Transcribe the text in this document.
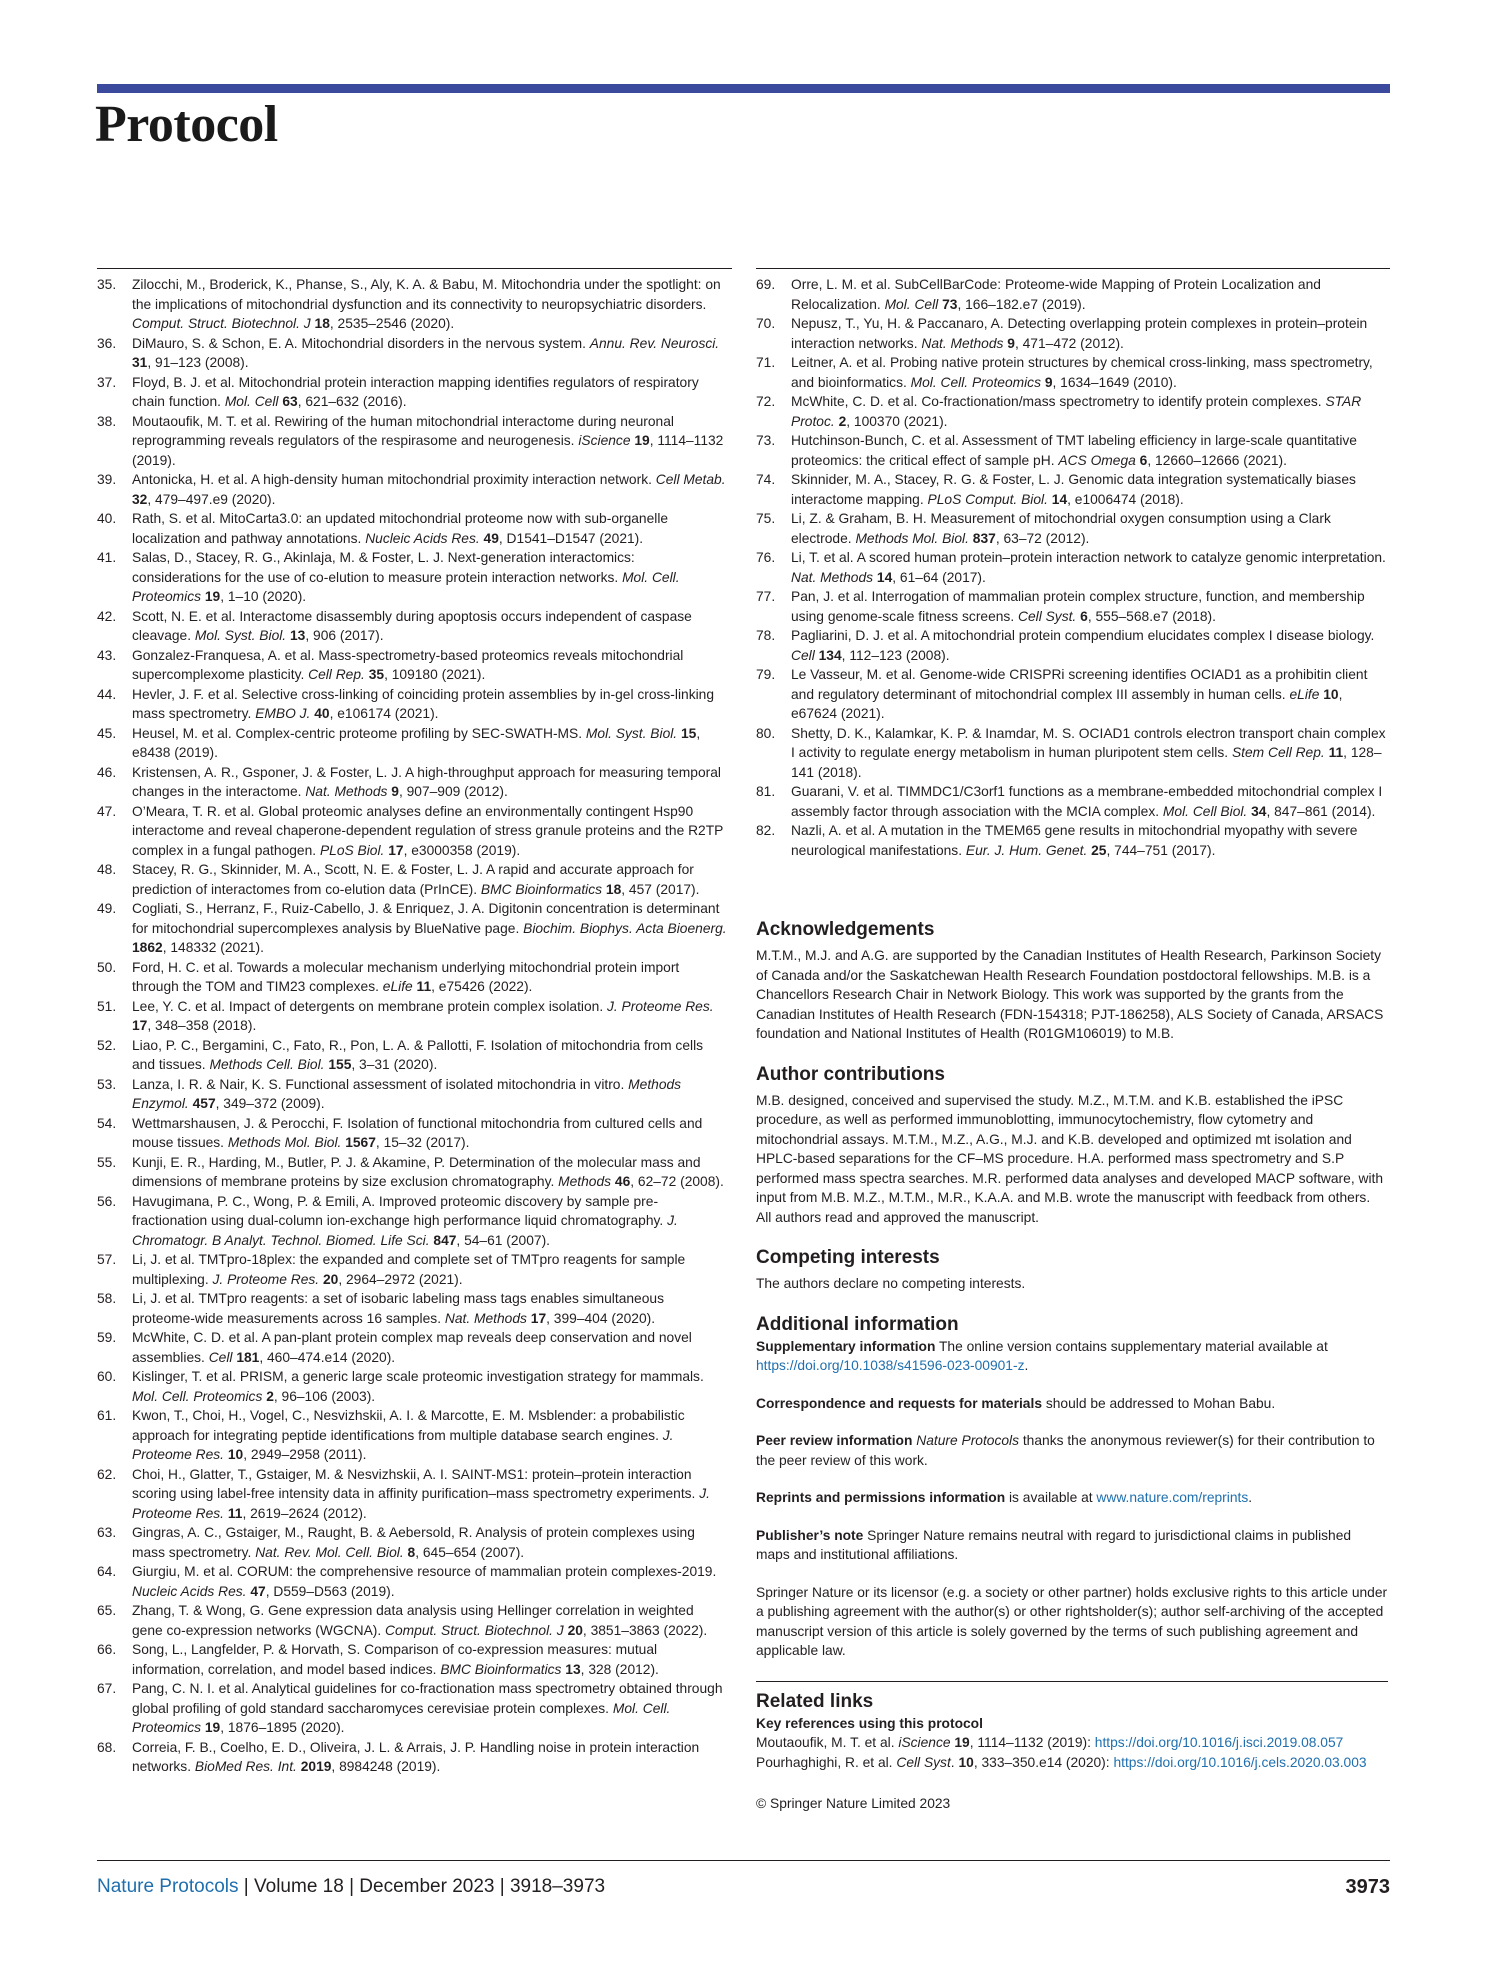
Protocol
35. Zilocchi, M., Broderick, K., Phanse, S., Aly, K. A. & Babu, M. Mitochondria under the spotlight: on the implications of mitochondrial dysfunction and its connectivity to neuropsychiatric disorders. Comput. Struct. Biotechnol. J 18, 2535–2546 (2020).
36. DiMauro, S. & Schon, E. A. Mitochondrial disorders in the nervous system. Annu. Rev. Neurosci. 31, 91–123 (2008).
37. Floyd, B. J. et al. Mitochondrial protein interaction mapping identifies regulators of respiratory chain function. Mol. Cell 63, 621–632 (2016).
38. Moutaoufik, M. T. et al. Rewiring of the human mitochondrial interactome during neuronal reprogramming reveals regulators of the respirasome and neurogenesis. iScience 19, 1114–1132 (2019).
39. Antonicka, H. et al. A high-density human mitochondrial proximity interaction network. Cell Metab. 32, 479–497.e9 (2020).
40. Rath, S. et al. MitoCarta3.0: an updated mitochondrial proteome now with sub-organelle localization and pathway annotations. Nucleic Acids Res. 49, D1541–D1547 (2021).
41. Salas, D., Stacey, R. G., Akinlaja, M. & Foster, L. J. Next-generation interactomics: considerations for the use of co-elution to measure protein interaction networks. Mol. Cell. Proteomics 19, 1–10 (2020).
42. Scott, N. E. et al. Interactome disassembly during apoptosis occurs independent of caspase cleavage. Mol. Syst. Biol. 13, 906 (2017).
43. Gonzalez-Franquesa, A. et al. Mass-spectrometry-based proteomics reveals mitochondrial supercomplexome plasticity. Cell Rep. 35, 109180 (2021).
44. Hevler, J. F. et al. Selective cross-linking of coinciding protein assemblies by in-gel cross-linking mass spectrometry. EMBO J. 40, e106174 (2021).
45. Heusel, M. et al. Complex-centric proteome profiling by SEC-SWATH-MS. Mol. Syst. Biol. 15, e8438 (2019).
46. Kristensen, A. R., Gsponer, J. & Foster, L. J. A high-throughput approach for measuring temporal changes in the interactome. Nat. Methods 9, 907–909 (2012).
47. O’Meara, T. R. et al. Global proteomic analyses define an environmentally contingent Hsp90 interactome and reveal chaperone-dependent regulation of stress granule proteins and the R2TP complex in a fungal pathogen. PLoS Biol. 17, e3000358 (2019).
48. Stacey, R. G., Skinnider, M. A., Scott, N. E. & Foster, L. J. A rapid and accurate approach for prediction of interactomes from co-elution data (PrInCE). BMC Bioinformatics 18, 457 (2017).
49. Cogliati, S., Herranz, F., Ruiz-Cabello, J. & Enriquez, J. A. Digitonin concentration is determinant for mitochondrial supercomplexes analysis by BlueNative page. Biochim. Biophys. Acta Bioenerg. 1862, 148332 (2021).
50. Ford, H. C. et al. Towards a molecular mechanism underlying mitochondrial protein import through the TOM and TIM23 complexes. eLife 11, e75426 (2022).
51. Lee, Y. C. et al. Impact of detergents on membrane protein complex isolation. J. Proteome Res. 17, 348–358 (2018).
52. Liao, P. C., Bergamini, C., Fato, R., Pon, L. A. & Pallotti, F. Isolation of mitochondria from cells and tissues. Methods Cell. Biol. 155, 3–31 (2020).
53. Lanza, I. R. & Nair, K. S. Functional assessment of isolated mitochondria in vitro. Methods Enzymol. 457, 349–372 (2009).
54. Wettmarshausen, J. & Perocchi, F. Isolation of functional mitochondria from cultured cells and mouse tissues. Methods Mol. Biol. 1567, 15–32 (2017).
55. Kunji, E. R., Harding, M., Butler, P. J. & Akamine, P. Determination of the molecular mass and dimensions of membrane proteins by size exclusion chromatography. Methods 46, 62–72 (2008).
56. Havugimana, P. C., Wong, P. & Emili, A. Improved proteomic discovery by sample pre-fractionation using dual-column ion-exchange high performance liquid chromatography. J. Chromatogr. B Analyt. Technol. Biomed. Life Sci. 847, 54–61 (2007).
57. Li, J. et al. TMTpro-18plex: the expanded and complete set of TMTpro reagents for sample multiplexing. J. Proteome Res. 20, 2964–2972 (2021).
58. Li, J. et al. TMTpro reagents: a set of isobaric labeling mass tags enables simultaneous proteome-wide measurements across 16 samples. Nat. Methods 17, 399–404 (2020).
59. McWhite, C. D. et al. A pan-plant protein complex map reveals deep conservation and novel assemblies. Cell 181, 460–474.e14 (2020).
60. Kislinger, T. et al. PRISM, a generic large scale proteomic investigation strategy for mammals. Mol. Cell. Proteomics 2, 96–106 (2003).
61. Kwon, T., Choi, H., Vogel, C., Nesvizhskii, A. I. & Marcotte, E. M. Msblender: a probabilistic approach for integrating peptide identifications from multiple database search engines. J. Proteome Res. 10, 2949–2958 (2011).
62. Choi, H., Glatter, T., Gstaiger, M. & Nesvizhskii, A. I. SAINT-MS1: protein–protein interaction scoring using label-free intensity data in affinity purification–mass spectrometry experiments. J. Proteome Res. 11, 2619–2624 (2012).
63. Gingras, A. C., Gstaiger, M., Raught, B. & Aebersold, R. Analysis of protein complexes using mass spectrometry. Nat. Rev. Mol. Cell. Biol. 8, 645–654 (2007).
64. Giurgiu, M. et al. CORUM: the comprehensive resource of mammalian protein complexes-2019. Nucleic Acids Res. 47, D559–D563 (2019).
65. Zhang, T. & Wong, G. Gene expression data analysis using Hellinger correlation in weighted gene co-expression networks (WGCNA). Comput. Struct. Biotechnol. J 20, 3851–3863 (2022).
66. Song, L., Langfelder, P. & Horvath, S. Comparison of co-expression measures: mutual information, correlation, and model based indices. BMC Bioinformatics 13, 328 (2012).
67. Pang, C. N. I. et al. Analytical guidelines for co-fractionation mass spectrometry obtained through global profiling of gold standard saccharomyces cerevisiae protein complexes. Mol. Cell. Proteomics 19, 1876–1895 (2020).
68. Correia, F. B., Coelho, E. D., Oliveira, J. L. & Arrais, J. P. Handling noise in protein interaction networks. BioMed Res. Int. 2019, 8984248 (2019).
69. Orre, L. M. et al. SubCellBarCode: Proteome-wide Mapping of Protein Localization and Relocalization. Mol. Cell 73, 166–182.e7 (2019).
70. Nepusz, T., Yu, H. & Paccanaro, A. Detecting overlapping protein complexes in protein–protein interaction networks. Nat. Methods 9, 471–472 (2012).
71. Leitner, A. et al. Probing native protein structures by chemical cross-linking, mass spectrometry, and bioinformatics. Mol. Cell. Proteomics 9, 1634–1649 (2010).
72. McWhite, C. D. et al. Co-fractionation/mass spectrometry to identify protein complexes. STAR Protoc. 2, 100370 (2021).
73. Hutchinson-Bunch, C. et al. Assessment of TMT labeling efficiency in large-scale quantitative proteomics: the critical effect of sample pH. ACS Omega 6, 12660–12666 (2021).
74. Skinnider, M. A., Stacey, R. G. & Foster, L. J. Genomic data integration systematically biases interactome mapping. PLoS Comput. Biol. 14, e1006474 (2018).
75. Li, Z. & Graham, B. H. Measurement of mitochondrial oxygen consumption using a Clark electrode. Methods Mol. Biol. 837, 63–72 (2012).
76. Li, T. et al. A scored human protein–protein interaction network to catalyze genomic interpretation. Nat. Methods 14, 61–64 (2017).
77. Pan, J. et al. Interrogation of mammalian protein complex structure, function, and membership using genome-scale fitness screens. Cell Syst. 6, 555–568.e7 (2018).
78. Pagliarini, D. J. et al. A mitochondrial protein compendium elucidates complex I disease biology. Cell 134, 112–123 (2008).
79. Le Vasseur, M. et al. Genome-wide CRISPRi screening identifies OCIAD1 as a prohibitin client and regulatory determinant of mitochondrial complex III assembly in human cells. eLife 10, e67624 (2021).
80. Shetty, D. K., Kalamkar, K. P. & Inamdar, M. S. OCIAD1 controls electron transport chain complex I activity to regulate energy metabolism in human pluripotent stem cells. Stem Cell Rep. 11, 128–141 (2018).
81. Guarani, V. et al. TIMMDC1/C3orf1 functions as a membrane-embedded mitochondrial complex I assembly factor through association with the MCIA complex. Mol. Cell Biol. 34, 847–861 (2014).
82. Nazli, A. et al. A mutation in the TMEM65 gene results in mitochondrial myopathy with severe neurological manifestations. Eur. J. Hum. Genet. 25, 744–751 (2017).
Acknowledgements

M.T.M., M.J. and A.G. are supported by the Canadian Institutes of Health Research, Parkinson Society of Canada and/or the Saskatchewan Health Research Foundation postdoctoral fellowships. M.B. is a Chancellors Research Chair in Network Biology. This work was supported by the grants from the Canadian Institutes of Health Research (FDN-154318; PJT-186258), ALS Society of Canada, ARSACS foundation and National Institutes of Health (R01GM106019) to M.B.

Author contributions

M.B. designed, conceived and supervised the study. M.Z., M.T.M. and K.B. established the iPSC procedure, as well as performed immunoblotting, immunocytochemistry, flow cytometry and mitochondrial assays. M.T.M., M.Z., A.G., M.J. and K.B. developed and optimized mt isolation and HPLC-based separations for the CF–MS procedure. H.A. performed mass spectrometry and S.P performed mass spectra searches. M.R. performed data analyses and developed MACP software, with input from M.B. M.Z., M.T.M., M.R., K.A.A. and M.B. wrote the manuscript with feedback from others. All authors read and approved the manuscript.

Competing interests

The authors declare no competing interests.

Additional information

Supplementary information The online version contains supplementary material available at https://doi.org/10.1038/s41596-023-00901-z.

Correspondence and requests for materials should be addressed to Mohan Babu.

Peer review information Nature Protocols thanks the anonymous reviewer(s) for their contribution to the peer review of this work.

Reprints and permissions information is available at www.nature.com/reprints.

Publisher’s note Springer Nature remains neutral with regard to jurisdictional claims in published maps and institutional affiliations.

Springer Nature or its licensor (e.g. a society or other partner) holds exclusive rights to this article under a publishing agreement with the author(s) or other rightsholder(s); author self-archiving of the accepted manuscript version of this article is solely governed by the terms of such publishing agreement and applicable law.

Related links

Key references using this protocol

Moutaoufik, M. T. et al. iScience 19, 1114–1132 (2019): https://doi.org/10.1016/j.isci.2019.08.057

Pourhaghighi, R. et al. Cell Syst. 10, 333–350.e14 (2020): https://doi.org/10.1016/j.cels.2020.03.003

© Springer Nature Limited 2023

Nature Protocols | Volume 18 | December 2023 | 3918–3973	3973
